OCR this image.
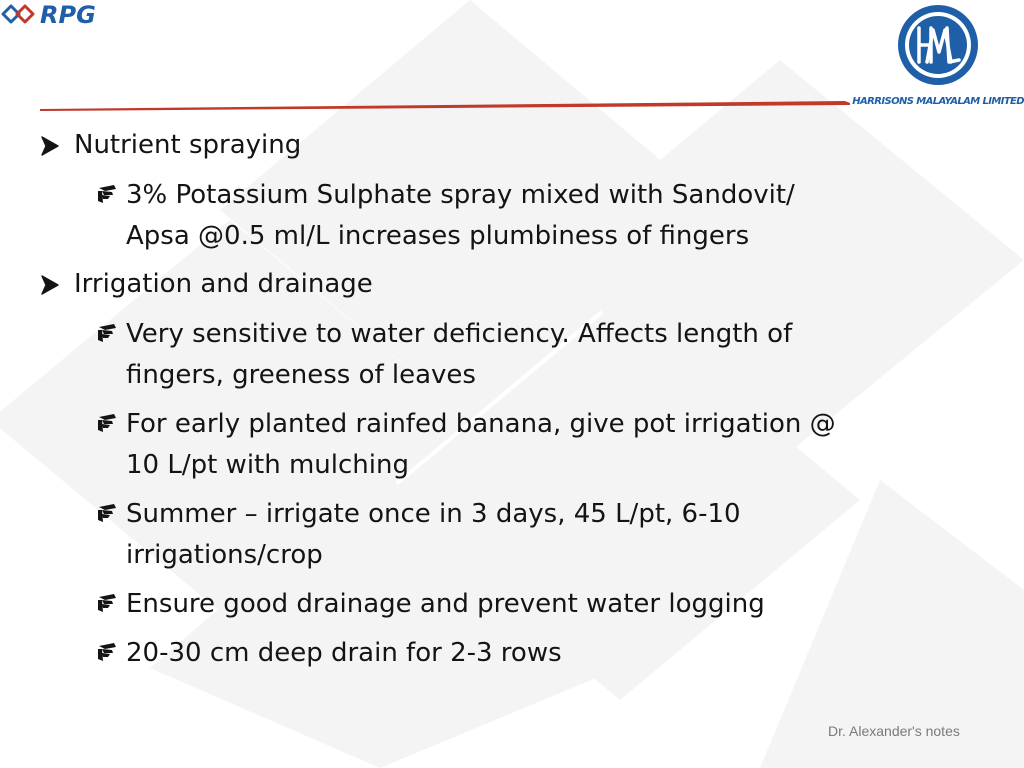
RPG
HARRISONS MALAYALAM LIMITED
Nutrient spraying
3% Potassium Sulphate spray mixed with Sandovit/ Apsa @0.5 ml/L increases plumbiness of fingers
Irrigation and drainage
Very sensitive to water deficiency. Affects length of fingers, greeness of leaves
For early planted rainfed banana, give pot irrigation @ 10 L/pt with mulching
Summer – irrigate once in 3 days, 45 L/pt, 6-10 irrigations/crop
Ensure good drainage and prevent water logging
20-30 cm deep drain for 2-3 rows
Dr. Alexander's notes
